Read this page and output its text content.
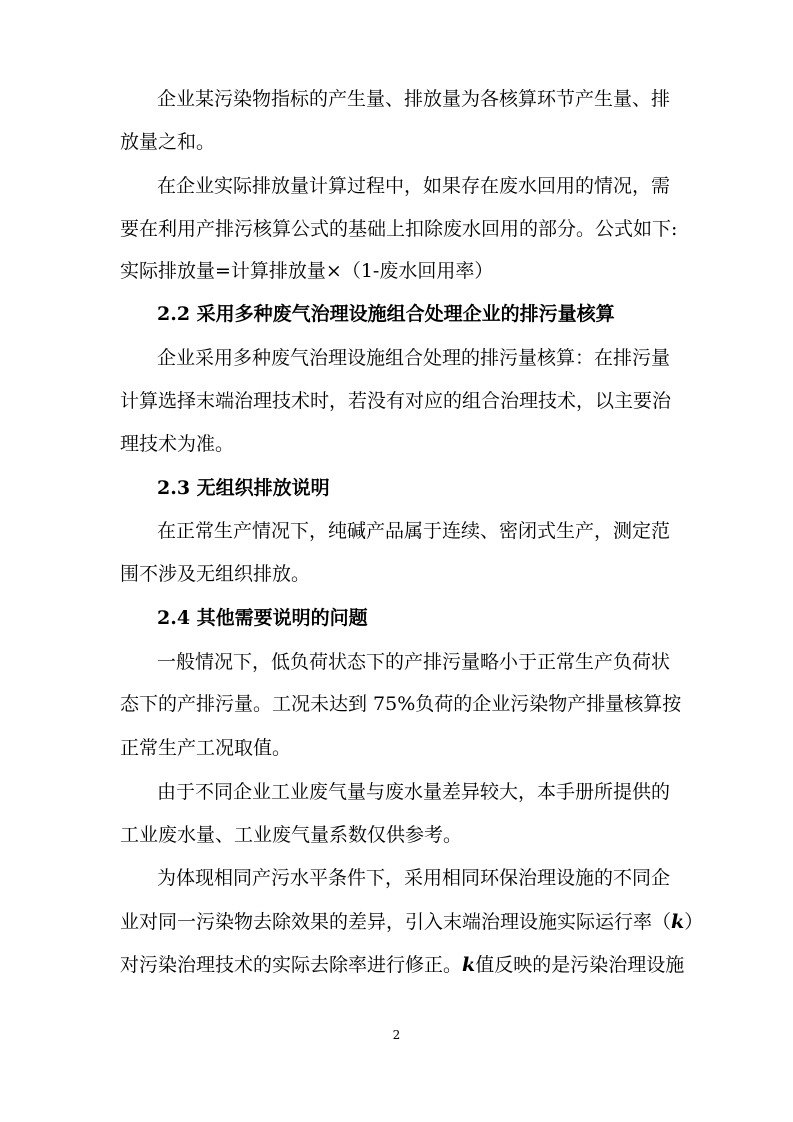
企业某污染物指标的产生量、排放量为各核算环节产生量、排

放量之和。

在企业实际排放量计算过程中，如果存在废水回用的情况，需

要在利用产排污核算公式的基础上扣除废水回用的部分。公式如下:

实际排放量=计算排放量×（1-废水回用率）

2.2 采用多种废气治理设施组合处理企业的排污量核算

企业采用多种废气治理设施组合处理的排污量核算：在排污量

计算选择末端治理技术时，若没有对应的组合治理技术，以主要治

理技术为准。

2.3 无组织排放说明

在正常生产情况下，纯碱产品属于连续、密闭式生产，测定范

围不涉及无组织排放。

2.4 其他需要说明的问题

一般情况下，低负荷状态下的产排污量略小于正常生产负荷状

态下的产排污量。工况未达到 75%负荷的企业污染物产排量核算按

正常生产工况取值。

由于不同企业工业废气量与废水量差异较大，本手册所提供的

工业废水量、工业废气量系数仅供参考。

为体现相同产污水平条件下，采用相同环保治理设施的不同企

业对同一污染物去除效果的差异，引入末端治理设施实际运行率（k）

对污染治理技术的实际去除率进行修正。k值反映的是污染治理设施

2
